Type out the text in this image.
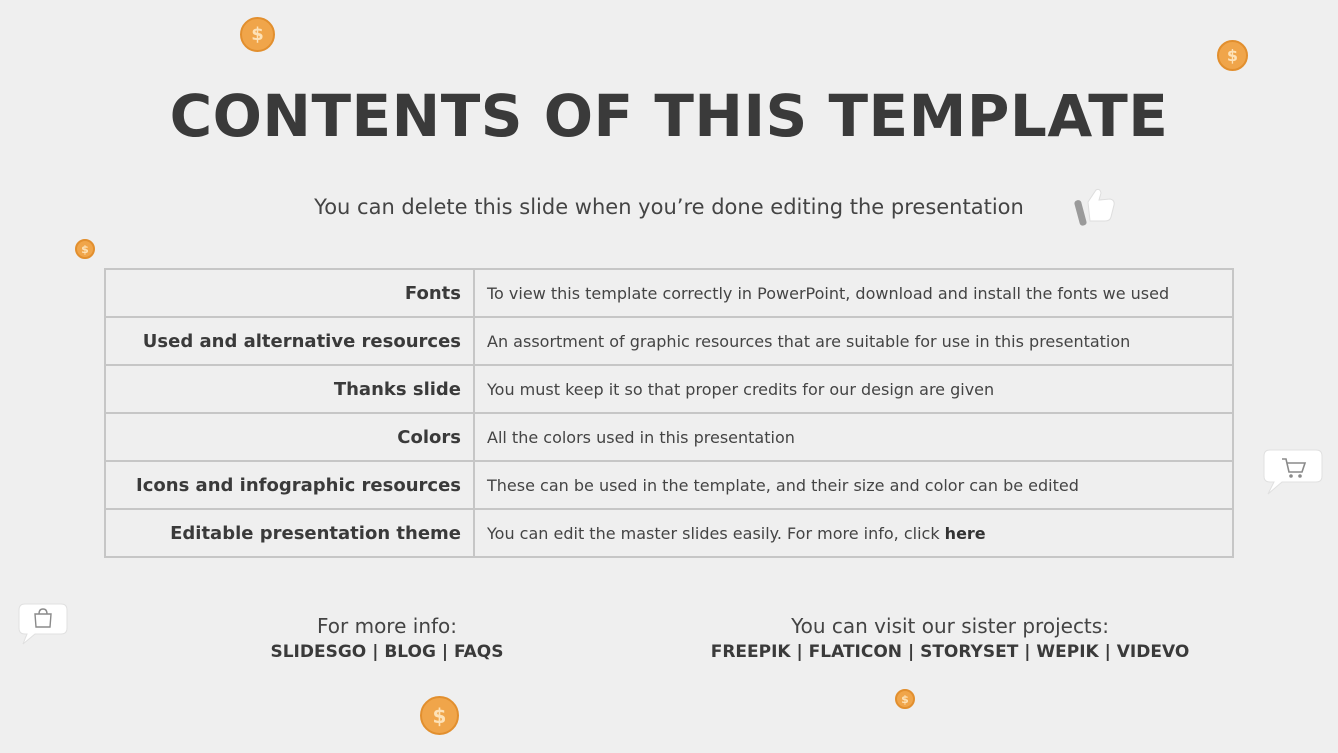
$
$
$
$
$
CONTENTS OF THIS TEMPLATE
You can delete this slide when you’re done editing the presentation
Fonts	To view this template correctly in PowerPoint, download and install the fonts we used
Used and alternative resources	An assortment of graphic resources that are suitable for use in this presentation
Thanks slide	You must keep it so that proper credits for our design are given
Colors	All the colors used in this presentation
Icons and infographic resources	These can be used in the template, and their size and color can be edited
Editable presentation theme	You can edit the master slides easily. For more info, click here
For more info:
SLIDESGO | BLOG | FAQS
You can visit our sister projects:
FREEPIK | FLATICON | STORYSET | WEPIK | VIDEVO
